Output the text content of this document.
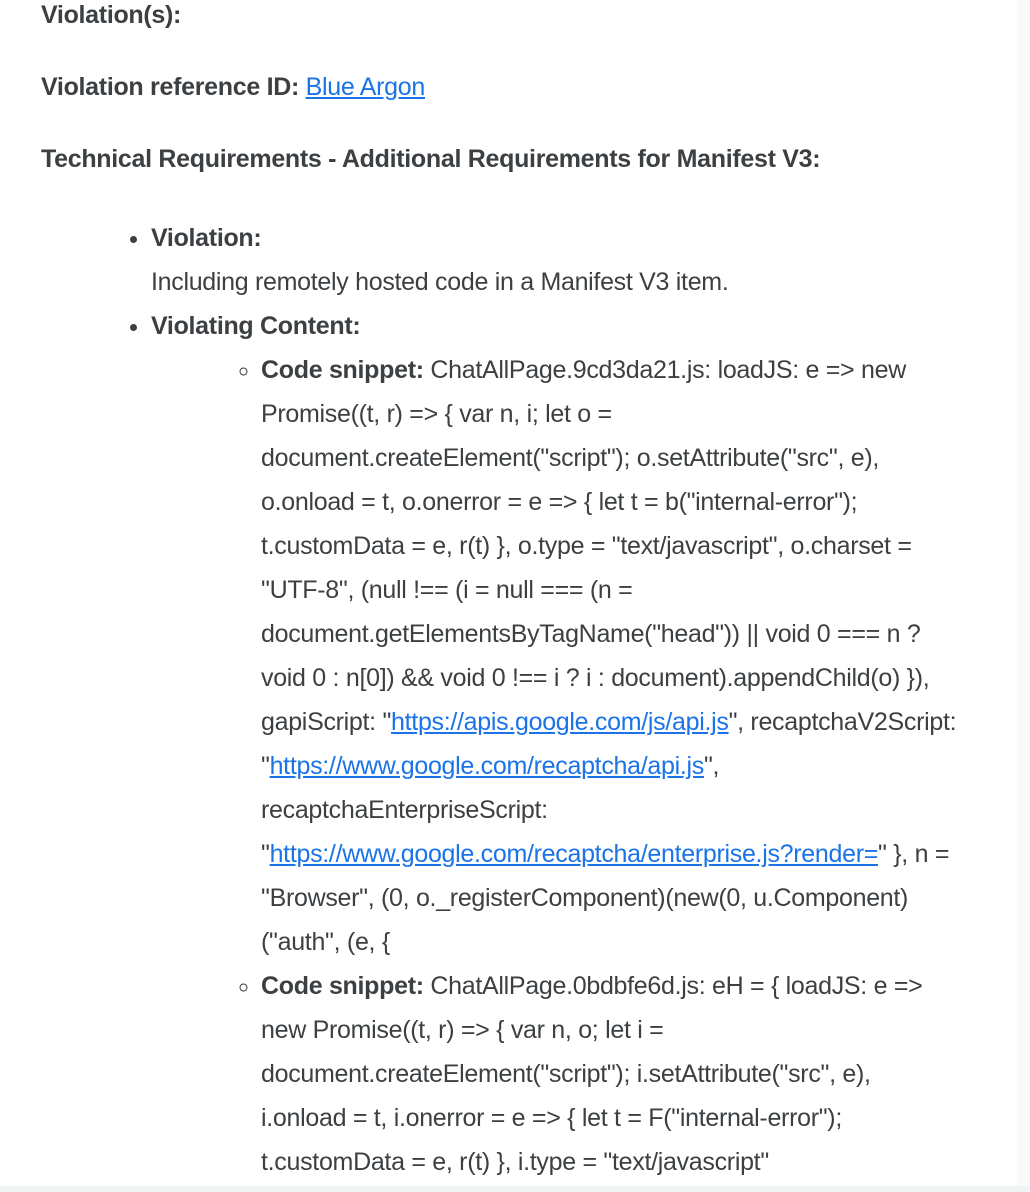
Violation(s):

Violation reference ID: Blue Argon

Technical Requirements - Additional Requirements for Manifest V3:

• Violation:
Including remotely hosted code in a Manifest V3 item.
• Violating Content:
◦ Code snippet: ChatAllPage.9cd3da21.js: loadJS: e => new Promise((t, r) => { var n, i; let o = document.createElement("script"); o.setAttribute("src", e), o.onload = t, o.onerror = e => { let t = b("internal-error"); t.customData = e, r(t) }, o.type = "text/javascript", o.charset = "UTF-8", (null !== (i = null === (n = document.getElementsByTagName("head")) || void 0 === n ? void 0 : n[0]) && void 0 !== i ? i : document).appendChild(o) }), gapiScript: "https://apis.google.com/js/api.js", recaptchaV2Script: "https://www.google.com/recaptcha/api.js", recaptchaEnterpriseScript: "https://www.google.com/recaptcha/enterprise.js?render=" }, n = "Browser", (0, o._registerComponent)(new(0, u.Component)("auth", (e, {
◦ Code snippet: ChatAllPage.0bdbfe6d.js: eH = { loadJS: e => new Promise((t, r) => { var n, o; let i = document.createElement("script"); i.setAttribute("src", e), i.onload = t, i.onerror = e => { let t = F("internal-error"); t.customData = e, r(t) }, i.type = "text/javascript"
